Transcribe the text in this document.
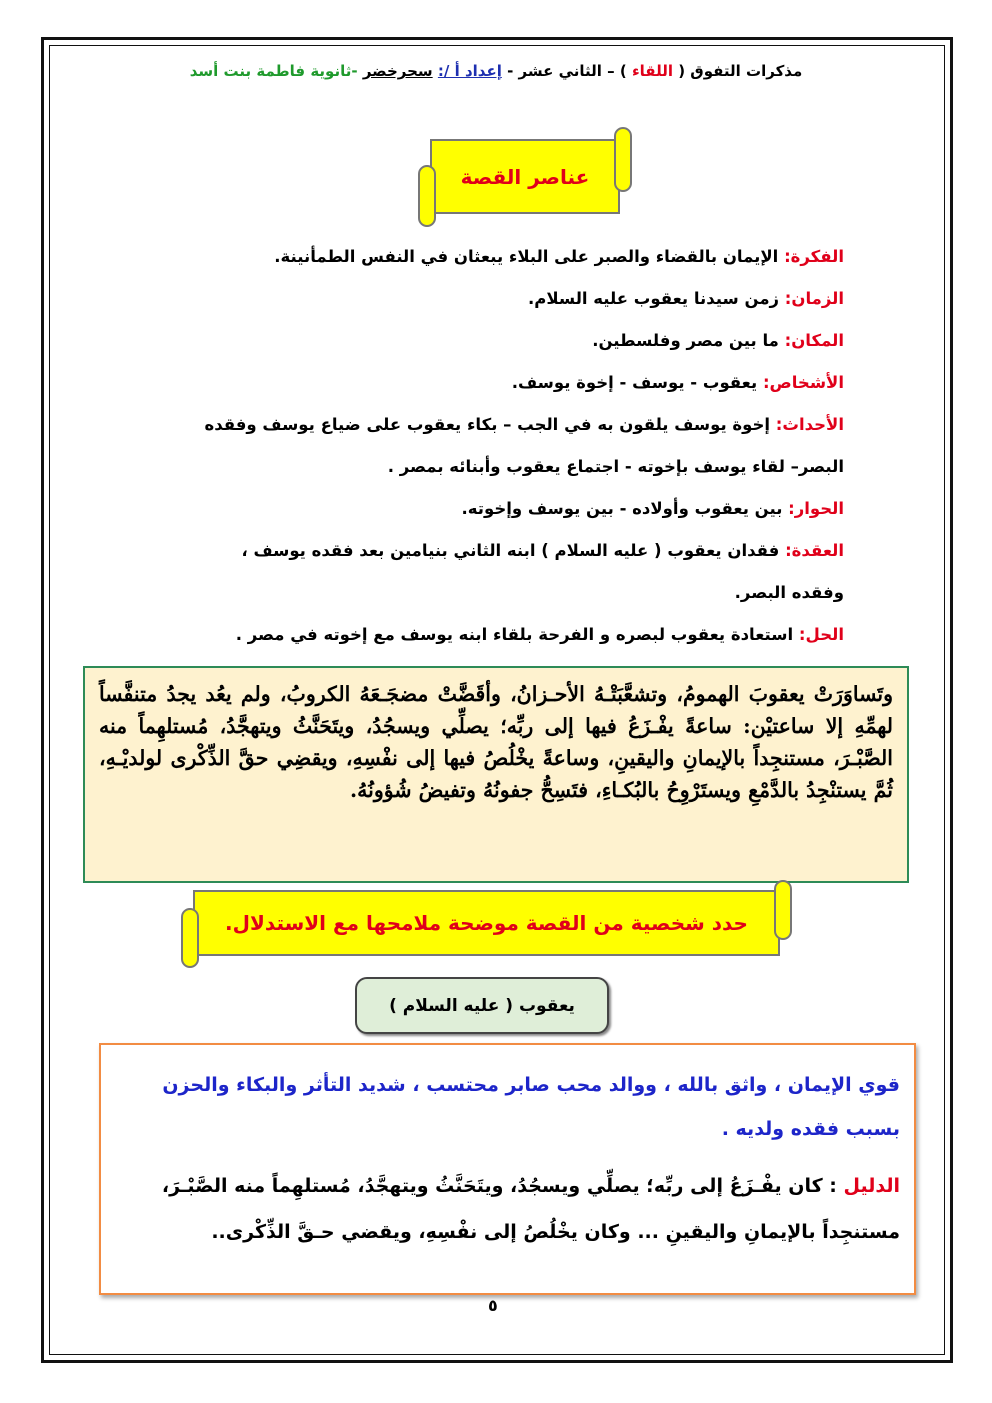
مذكرات التفوق ( اللقاء ) – الثاني عشر - إعداد أ /: سحرخضر -ثانوية فاطمة بنت أسد
عناصر القصة
الفكرة: الإيمان بالقضاء والصبر على البلاء يبعثان في النفس الطمأنينة.
الزمان: زمن سيدنا يعقوب عليه السلام.
المكان: ما بين مصر وفلسطين.
الأشخاص: يعقوب - يوسف - إخوة يوسف.
الأحداث: إخوة يوسف يلقون به في الجب – بكاء يعقوب على ضياع يوسف وفقده
البصر– لقاء يوسف بإخوته - اجتماع يعقوب وأبنائه بمصر .
الحوار: بين يعقوب وأولاده - بين يوسف وإخوته.
العقدة: فقدان يعقوب ( عليه السلام ) ابنه الثاني بنيامين بعد فقده يوسف ،
وفقده البصر.
الحل: استعادة يعقوب لبصره و الفرحة بلقاء ابنه يوسف مع إخوته في مصر .

وتَساوَرَتْ يعقوبَ الهمومُ، وتشعَّبَتْـهُ الأحـزانُ، وأقَضَّتْ مضجَـعَهُ الكروبُ، ولم يعُد يجدُ متنفَّساً لهمِّهِ إلا ساعتيْن: ساعةً يفْـزَعُ فيها إلى ربِّه؛ يصلِّي ويسجُدُ، ويتَحَنَّثُ ويتهجَّدُ، مُستلهِماً منه الصَّبْـرَ، مستنجِداً بالإيمانِ واليقينِ، وساعةً يخْلُصُ فيها إلى نفْسِهِ، ويقضِي حقَّ الذِّكْرى لولديْـهِ، ثُمَّ يستنْجِدُ بالدَّمْعِ ويستَرْوِحُ بالبُكـاءِ، فتَسِحُّ جفونُهُ وتفيضُ شُؤونُهُ.

حدد شخصية من القصة موضحة ملامحها مع الاستدلال.
يعقوب ( عليه السلام )

قوي الإيمان ، واثق بالله ، ووالد محب صابر محتسب ، شديد التأثر والبكاء والحزن بسبب فقده ولديه .

الدليل : كان يفْـزَعُ إلى ربِّه؛ يصلِّي ويسجُدُ، ويتَحَنَّثُ ويتهجَّدُ، مُستلهِماً منه الصَّبْـرَ، مستنجِداً بالإيمانِ واليقينِ ... وكان يخْلُصُ إلى نفْسِهِ، ويقضي حـقَّ الذِّكْرى..

٥
